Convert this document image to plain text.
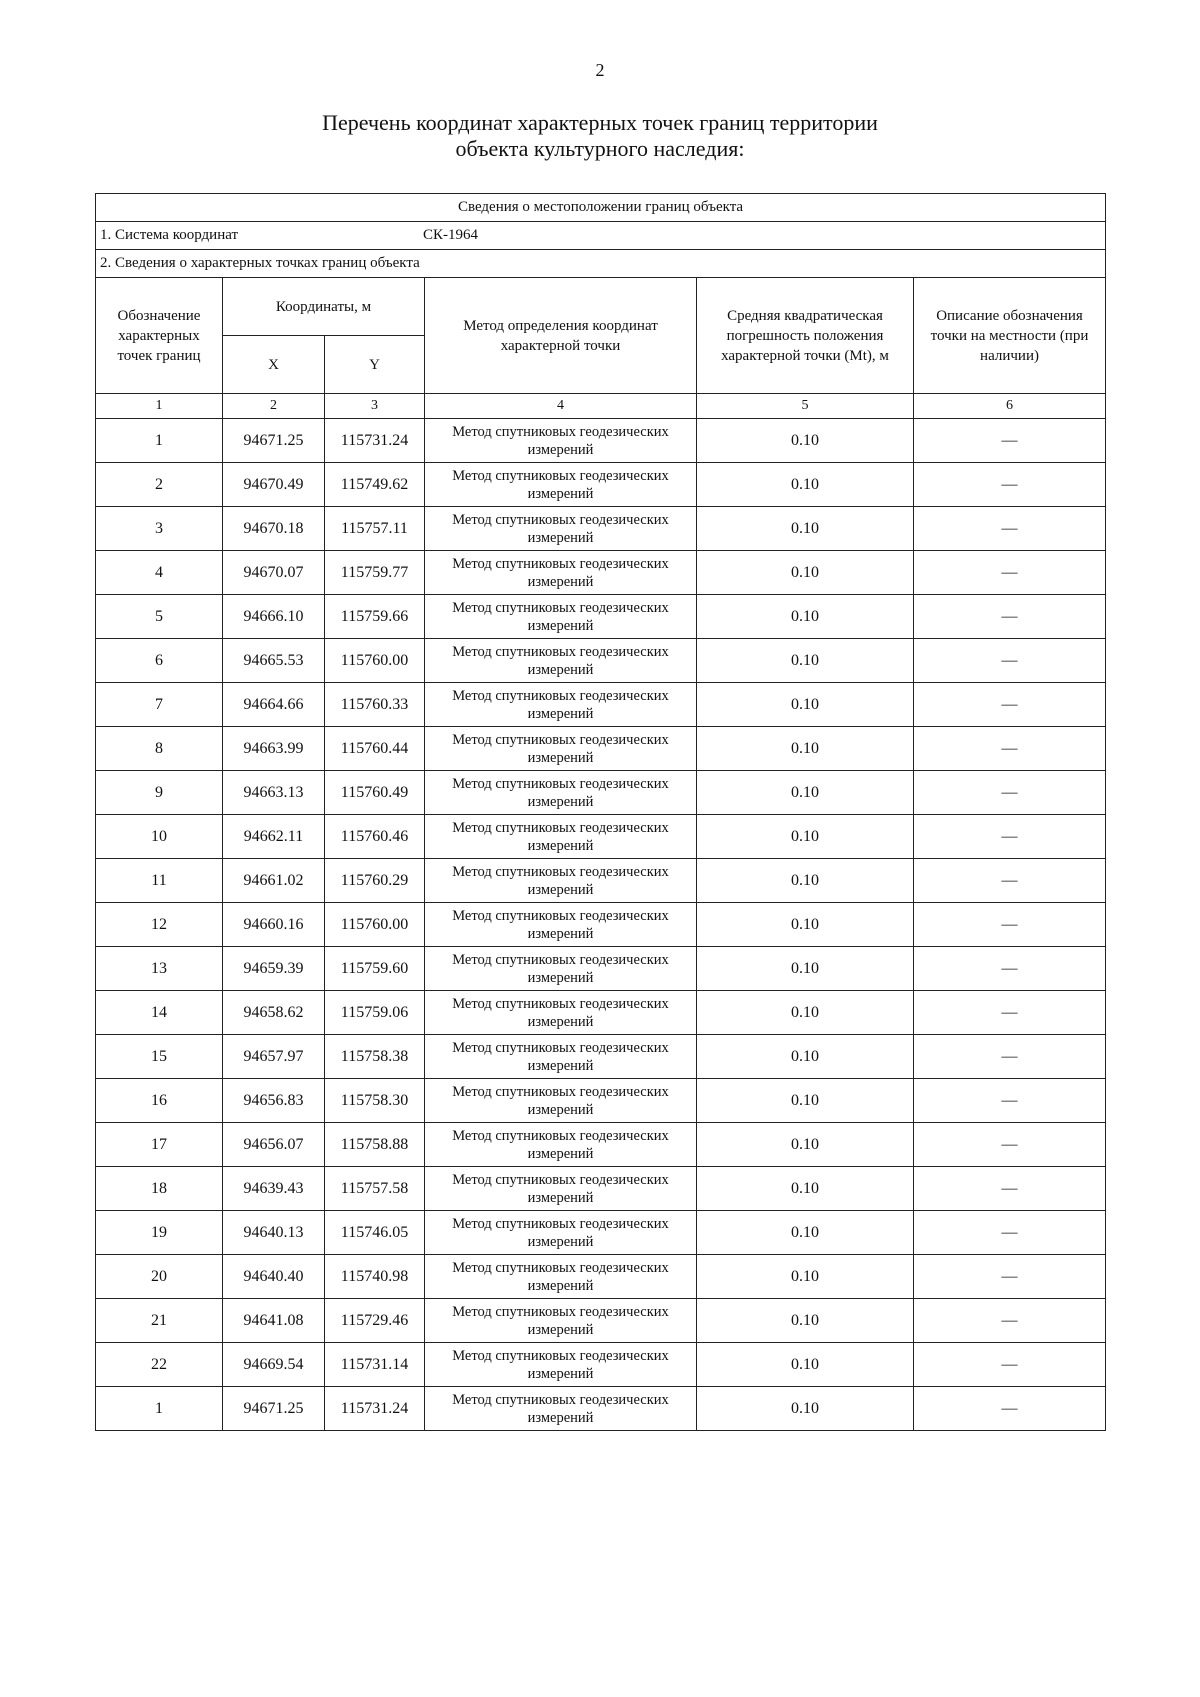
2
Перечень координат характерных точек границ территории
объекта культурного наследия:
Сведения о местоположении границ объекта					
1. Система координат СК-1964					
2. Сведения о характерных точках границ объекта					
Обозначение характерных точек границ	Координаты, м		Метод определения координат характерной точки	Средняя квадратическая погрешность положения характерной точки (Mt), м	Описание обозначения точки на местности (при наличии)
	X	Y			
1	2	3	4	5	6
1	94671.25	115731.24	Метод спутниковых геодезических измерений	0.10	—
2	94670.49	115749.62	Метод спутниковых геодезических измерений	0.10	—
3	94670.18	115757.11	Метод спутниковых геодезических измерений	0.10	—
4	94670.07	115759.77	Метод спутниковых геодезических измерений	0.10	—
5	94666.10	115759.66	Метод спутниковых геодезических измерений	0.10	—
6	94665.53	115760.00	Метод спутниковых геодезических измерений	0.10	—
7	94664.66	115760.33	Метод спутниковых геодезических измерений	0.10	—
8	94663.99	115760.44	Метод спутниковых геодезических измерений	0.10	—
9	94663.13	115760.49	Метод спутниковых геодезических измерений	0.10	—
10	94662.11	115760.46	Метод спутниковых геодезических измерений	0.10	—
11	94661.02	115760.29	Метод спутниковых геодезических измерений	0.10	—
12	94660.16	115760.00	Метод спутниковых геодезических измерений	0.10	—
13	94659.39	115759.60	Метод спутниковых геодезических измерений	0.10	—
14	94658.62	115759.06	Метод спутниковых геодезических измерений	0.10	—
15	94657.97	115758.38	Метод спутниковых геодезических измерений	0.10	—
16	94656.83	115758.30	Метод спутниковых геодезических измерений	0.10	—
17	94656.07	115758.88	Метод спутниковых геодезических измерений	0.10	—
18	94639.43	115757.58	Метод спутниковых геодезических измерений	0.10	—
19	94640.13	115746.05	Метод спутниковых геодезических измерений	0.10	—
20	94640.40	115740.98	Метод спутниковых геодезических измерений	0.10	—
21	94641.08	115729.46	Метод спутниковых геодезических измерений	0.10	—
22	94669.54	115731.14	Метод спутниковых геодезических измерений	0.10	—
1	94671.25	115731.24	Метод спутниковых геодезических измерений	0.10	—
